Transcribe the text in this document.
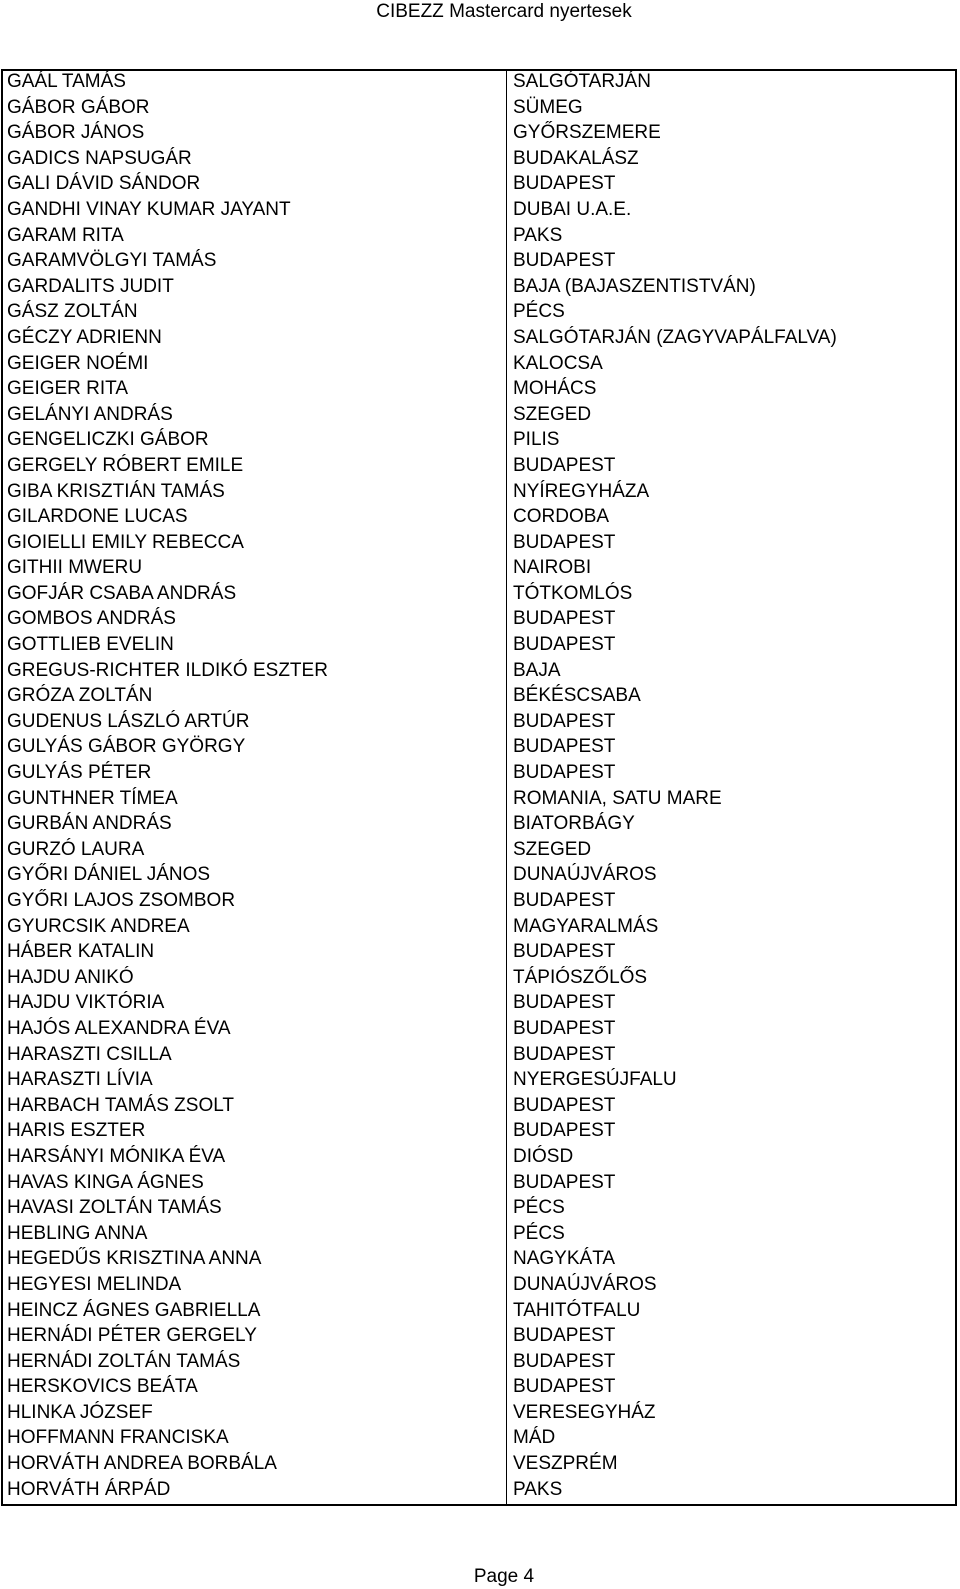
CIBEZZ Mastercard nyertesek
GAÁL TAMÁS	SALGÓTARJÁN
GÁBOR GÁBOR	SÜMEG
GÁBOR JÁNOS	GYŐRSZEMERE
GADICS NAPSUGÁR	BUDAKALÁSZ
GALI DÁVID SÁNDOR	BUDAPEST
GANDHI VINAY KUMAR JAYANT	DUBAI U.A.E.
GARAM RITA	PAKS
GARAMVÖLGYI TAMÁS	BUDAPEST
GARDALITS JUDIT	BAJA (BAJASZENTISTVÁN)
GÁSZ ZOLTÁN	PÉCS
GÉCZY ADRIENN	SALGÓTARJÁN (ZAGYVAPÁLFALVA)
GEIGER NOÉMI	KALOCSA
GEIGER RITA	MOHÁCS
GELÁNYI ANDRÁS	SZEGED
GENGELICZKI GÁBOR	PILIS
GERGELY RÓBERT EMILE	BUDAPEST
GIBA KRISZTIÁN TAMÁS	NYÍREGYHÁZA
GILARDONE LUCAS	CORDOBA
GIOIELLI EMILY REBECCA	BUDAPEST
GITHII MWERU	NAIROBI
GOFJÁR CSABA ANDRÁS	TÓTKOMLÓS
GOMBOS ANDRÁS	BUDAPEST
GOTTLIEB EVELIN	BUDAPEST
GREGUS-RICHTER ILDIKÓ ESZTER	BAJA
GRÓZA ZOLTÁN	BÉKÉSCSABA
GUDENUS LÁSZLÓ ARTÚR	BUDAPEST
GULYÁS GÁBOR GYÖRGY	BUDAPEST
GULYÁS PÉTER	BUDAPEST
GUNTHNER TÍMEA	ROMANIA, SATU MARE
GURBÁN ANDRÁS	BIATORBÁGY
GURZÓ LAURA	SZEGED
GYŐRI DÁNIEL JÁNOS	DUNAÚJVÁROS
GYŐRI LAJOS ZSOMBOR	BUDAPEST
GYURCSIK ANDREA	MAGYARALMÁS
HÁBER KATALIN	BUDAPEST
HAJDU ANIKÓ	TÁPIÓSZŐLŐS
HAJDU VIKTÓRIA	BUDAPEST
HAJÓS ALEXANDRA ÉVA	BUDAPEST
HARASZTI CSILLA	BUDAPEST
HARASZTI LÍVIA	NYERGESÚJFALU
HARBACH TAMÁS ZSOLT	BUDAPEST
HARIS ESZTER	BUDAPEST
HARSÁNYI MÓNIKA ÉVA	DIÓSD
HAVAS KINGA ÁGNES	BUDAPEST
HAVASI ZOLTÁN TAMÁS	PÉCS
HEBLING ANNA	PÉCS
HEGEDŰS KRISZTINA ANNA	NAGYKÁTA
HEGYESI MELINDA	DUNAÚJVÁROS
HEINCZ ÁGNES GABRIELLA	TAHITÓTFALU
HERNÁDI PÉTER GERGELY	BUDAPEST
HERNÁDI ZOLTÁN TAMÁS	BUDAPEST
HERSKOVICS BEÁTA	BUDAPEST
HLINKA JÓZSEF	VERESEGYHÁZ
HOFFMANN FRANCISKA	MÁD
HORVÁTH ANDREA BORBÁLA	VESZPRÉM
HORVÁTH ÁRPÁD	PAKS
Page 4
